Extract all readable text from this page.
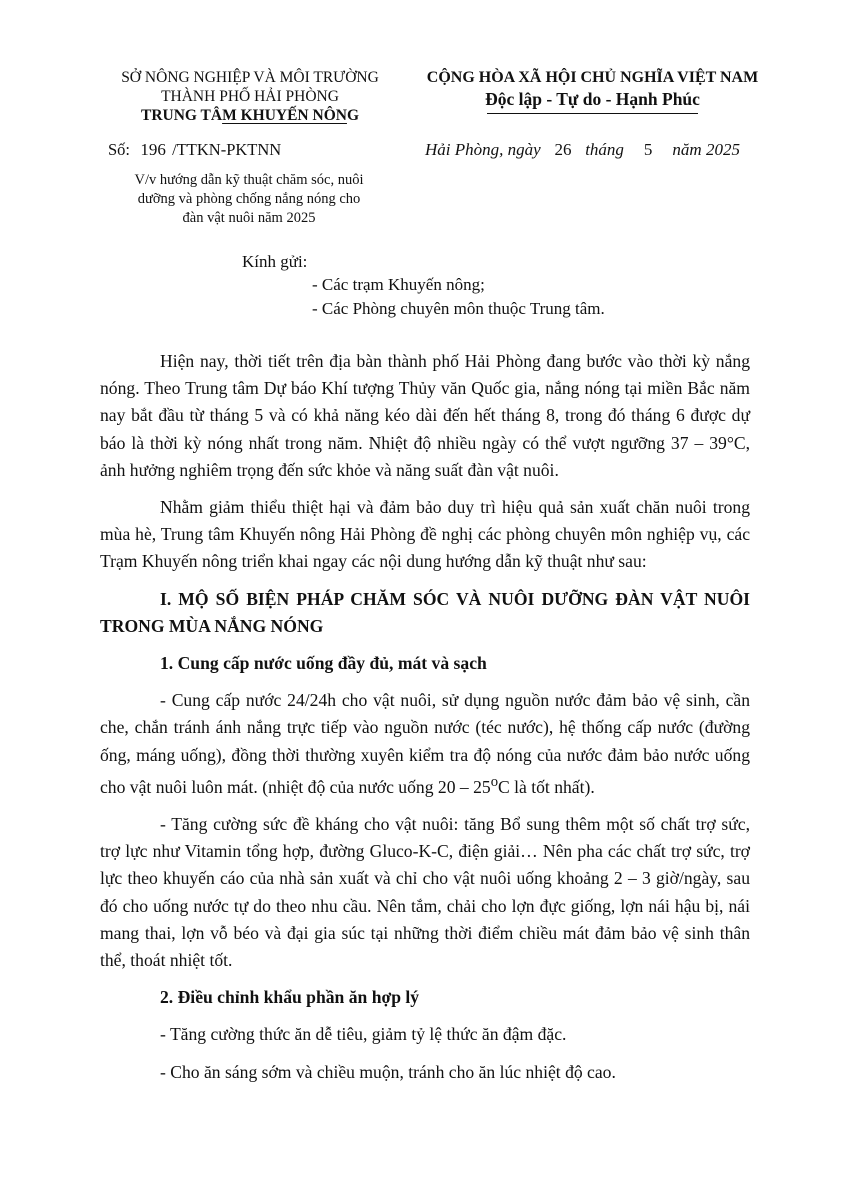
SỞ NÔNG NGHIỆP VÀ MÔI TRƯỜNG
THÀNH PHỐ HẢI PHÒNG
TRUNG TÂM KHUYẾN NÔNG
CỘNG HÒA XÃ HỘI CHỦ NGHĨA VIỆT NAM
Độc lập - Tự do - Hạnh Phúc
Số: 196 /TTKN-PKTNN	Hải Phòng, ngày 26 tháng 5 năm 2025
V/v hướng dẫn kỹ thuật chăm sóc, nuôi
dưỡng và phòng chống nắng nóng cho
đàn vật nuôi năm 2025
Kính gửi:
- Các trạm Khuyến nông;
- Các Phòng chuyên môn thuộc Trung tâm.

Hiện nay, thời tiết trên địa bàn thành phố Hải Phòng đang bước vào thời kỳ nắng nóng. Theo Trung tâm Dự báo Khí tượng Thủy văn Quốc gia, nắng nóng tại miền Bắc năm nay bắt đầu từ tháng 5 và có khả năng kéo dài đến hết tháng 8, trong đó tháng 6 được dự báo là thời kỳ nóng nhất trong năm. Nhiệt độ nhiều ngày có thể vượt ngưỡng 37 – 39°C, ảnh hưởng nghiêm trọng đến sức khỏe và năng suất đàn vật nuôi.

Nhằm giảm thiểu thiệt hại và đảm bảo duy trì hiệu quả sản xuất chăn nuôi trong mùa hè, Trung tâm Khuyến nông Hải Phòng đề nghị các phòng chuyên môn nghiệp vụ, các Trạm Khuyến nông triển khai ngay các nội dung hướng dẫn kỹ thuật như sau:

I. MỘ SỐ BIỆN PHÁP CHĂM SÓC VÀ NUÔI DƯỠNG ĐÀN VẬT NUÔI TRONG MÙA NẮNG NÓNG
1. Cung cấp nước uống đầy đủ, mát và sạch

- Cung cấp nước 24/24h cho vật nuôi, sử dụng nguồn nước đảm bảo vệ sinh, cần che, chắn tránh ánh nắng trực tiếp vào nguồn nước (téc nước), hệ thống cấp nước (đường ống, máng uống), đồng thời thường xuyên kiểm tra độ nóng của nước đảm bảo nước uống cho vật nuôi luôn mát. (nhiệt độ của nước uống 20 – 25$^o$C là tốt nhất).

- Tăng cường sức đề kháng cho vật nuôi: tăng Bổ sung thêm một số chất trợ sức, trợ lực như Vitamin tổng hợp, đường Gluco-K-C, điện giải… Nên pha các chất trợ sức, trợ lực theo khuyến cáo của nhà sản xuất và chỉ cho vật nuôi uống khoảng 2 – 3 giờ/ngày, sau đó cho uống nước tự do theo nhu cầu. Nên tắm, chải cho lợn đực giống, lợn nái hậu bị, nái mang thai, lợn vỗ béo và đại gia súc tại những thời điểm chiều mát đảm bảo vệ sinh thân thể, thoát nhiệt tốt.

2. Điều chỉnh khẩu phần ăn hợp lý

- Tăng cường thức ăn dễ tiêu, giảm tỷ lệ thức ăn đậm đặc.

- Cho ăn sáng sớm và chiều muộn, tránh cho ăn lúc nhiệt độ cao.
